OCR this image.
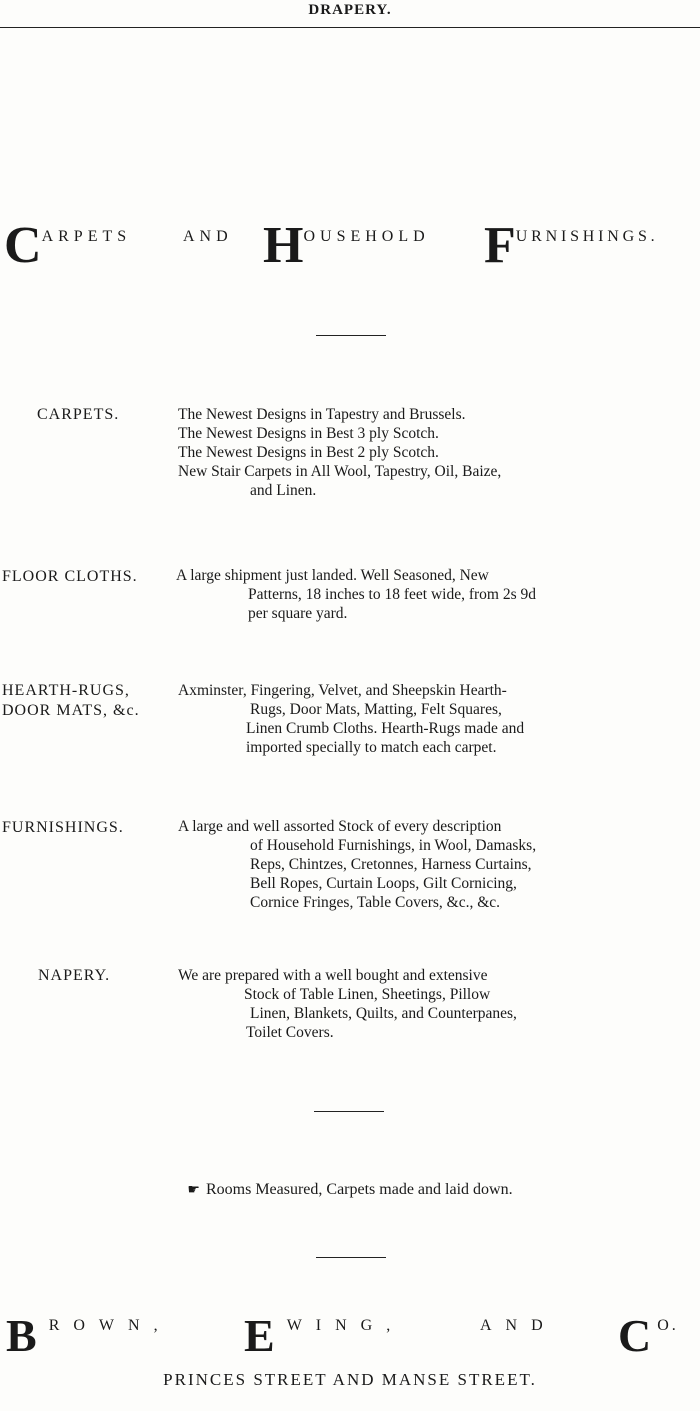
DRAPERY.
CARPETS	AND HOUSEHOLD FURNISHINGS.
CARPETS.	The Newest Designs in Tapestry and Brussels.
The Newest Designs in Best 3 ply Scotch.
The Newest Designs in Best 2 ply Scotch.
New Stair Carpets in All Wool, Tapestry, Oil, Baize,
and Linen.
FLOOR CLOTHS. A large shipment just landed. Well Seasoned, New
Patterns, 18 inches to 18 feet wide, from 2s 9d
per square yard.
HEARTH-RUGS,
DOOR MATS, &c.
Axminster, Fingering, Velvet, and Sheepskin Hearth-
Rugs, Door Mats, Matting, Felt Squares,
Linen Crumb Cloths. Hearth-Rugs made and
imported specially to match each carpet.
FURNISHINGS.	A large and well assorted Stock of every description
of Household Furnishings, in Wool, Damasks,
Reps, Chintzes, Cretonnes, Harness Curtains,
Bell Ropes, Curtain Loops, Gilt Cornicing,
Cornice Fringes, Table Covers, &c., &c.
NAPERY.	We are prepared with a well bought and extensive
Stock of Table Linen, Sheetings, Pillow
Linen, Blankets, Quilts, and Counterpanes,
Toilet Covers.
☛ Rooms Measured, Carpets made and laid down.
B ROWN, E WING,	AND C O.
PRINCES STREET AND MANSE STREET.
